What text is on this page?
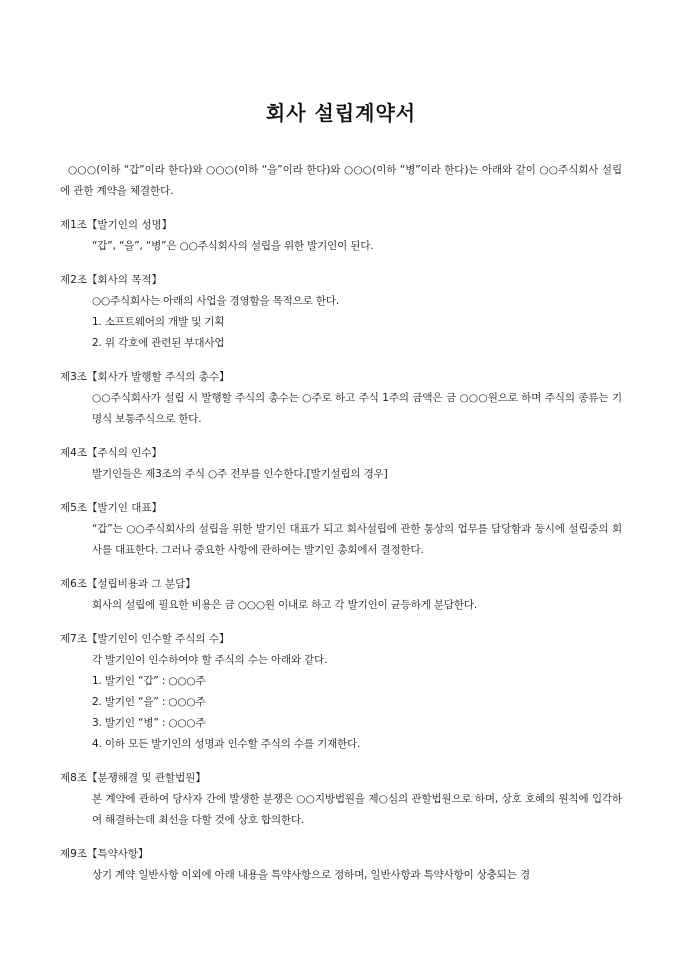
회사 설립계약서
○○○(이하 “갑”이라 한다)와 ○○○(이하 “을”이라 한다)와 ○○○(이하 “병”이라 한다)는 아래와 같이 ○○주식회사 설립에 관한 계약을 체결한다.
제1조【발기인의 성명】
“갑”, “을”, “병”은 ○○주식회사의 설립을 위한 발기인이 된다.
제2조【회사의 목적】
○○주식회사는 아래의 사업을 경영함을 목적으로 한다.
1. 소프트웨어의 개발 및 기획
2. 위 각호에 관련된 부대사업
제3조【회사가 발행할 주식의 총수】
○○주식회사가 설립 시 발행할 주식의 총수는 ○주로 하고 주식 1주의 금액은 금 ○○○원으로 하며 주식의 종류는 기명식 보통주식으로 한다.
제4조【주식의 인수】
발기인들은 제3조의 주식 ○주 전부를 인수한다.[발기설립의 경우]
제5조【발기인 대표】
“갑”는 ○○주식회사의 설립을 위한 발기인 대표가 되고 회사설립에 관한 통상의 업무를 담당함과 동시에 설립중의 회사를 대표한다. 그러나 중요한 사항에 관하여는 발기인 총회에서 결정한다.
제6조【설립비용과 그 분담】
회사의 설립에 필요한 비용은 금 ○○○원 이내로 하고 각 발기인이 균등하게 분담한다.
제7조【발기인이 인수할 주식의 수】
각 발기인이 인수하여야 할 주식의 수는 아래와 같다.
1. 발기인 “갑” : ○○○주
2. 발기인 “을” : ○○○주
3. 발기인 “병” : ○○○주
4. 이하 모든 발기인의 성명과 인수할 주식의 수를 기재한다.
제8조【분쟁해결 및 관할법원】
본 계약에 관하여 당사자 간에 발생한 분쟁은 ○○지방법원을 제○심의 관할법원으로 하며, 상호 호혜의 원칙에 입각하여 해결하는데 최선을 다할 것에 상호 합의한다.
제9조【특약사항】
상기 계약 일반사항 이외에 아래 내용을 특약사항으로 정하며, 일반사항과 특약사항이 상충되는 경
